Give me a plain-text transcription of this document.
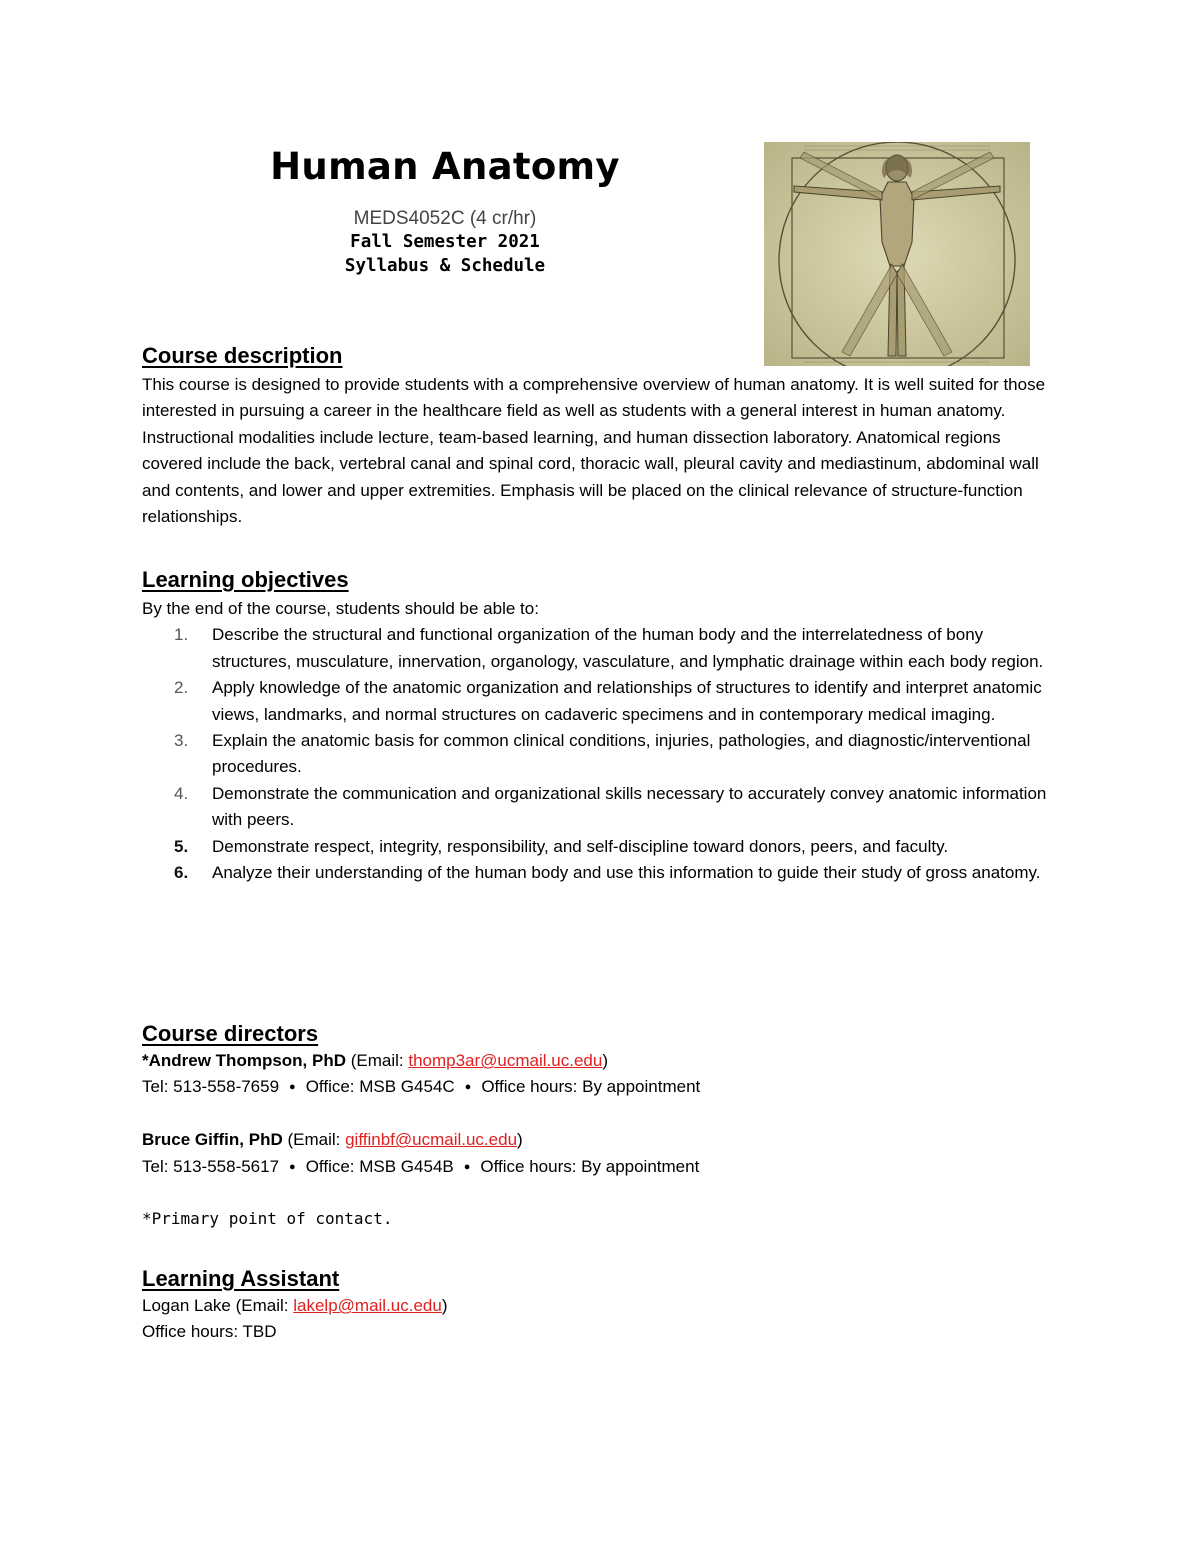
Human Anatomy
MEDS4052C (4 cr/hr)
Fall Semester 2021
Syllabus & Schedule
Course description

This course is designed to provide students with a comprehensive overview of human anatomy. It is well suited for those interested in pursuing a career in the healthcare field as well as students with a general interest in human anatomy. Instructional modalities include lecture, team-based learning, and human dissection laboratory. Anatomical regions covered include the back, vertebral canal and spinal cord, thoracic wall, pleural cavity and mediastinum, abdominal wall and contents, and lower and upper extremities. Emphasis will be placed on the clinical relevance of structure-function relationships.

Learning objectives

By the end of the course, students should be able to:

1. Describe the structural and functional organization of the human body and the interrelatedness of bony structures, musculature, innervation, organology, vasculature, and lymphatic drainage within each body region.
2. Apply knowledge of the anatomic organization and relationships of structures to identify and interpret anatomic views, landmarks, and normal structures on cadaveric specimens and in contemporary medical imaging.
3. Explain the anatomic basis for common clinical conditions, injuries, pathologies, and diagnostic/interventional procedures.
4. Demonstrate the communication and organizational skills necessary to accurately convey anatomic information with peers.
5. Demonstrate respect, integrity, responsibility, and self-discipline toward donors, peers, and faculty.
6. Analyze their understanding of the human body and use this information to guide their study of gross anatomy.
Course directors

*Andrew Thompson, PhD (Email: thomp3ar@ucmail.uc.edu)

Tel: 513-558-7659 ● Office: MSB G454C ● Office hours: By appointment

Bruce Giffin, PhD (Email: giffinbf@ucmail.uc.edu)

Tel: 513-558-5617 ● Office: MSB G454B ● Office hours: By appointment

*Primary point of contact.

Learning Assistant

Logan Lake (Email: lakelp@mail.uc.edu)

Office hours: TBD
